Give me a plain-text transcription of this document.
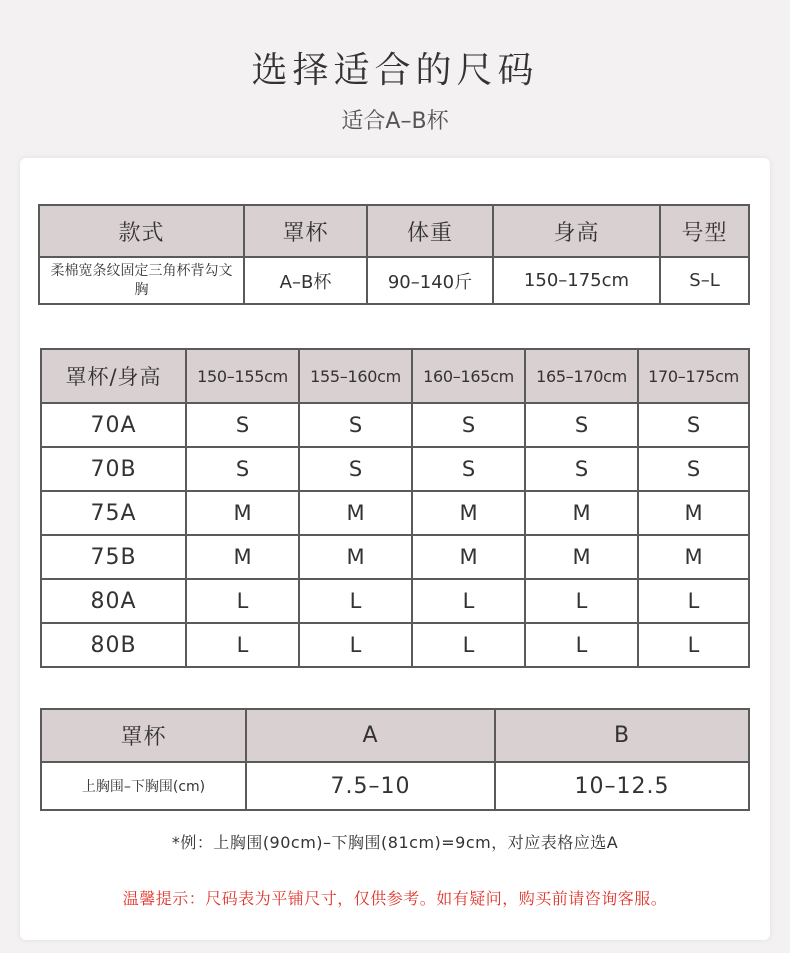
选择适合的尺码
适合A–B杯
款式	罩杯	体重	身高	号型

柔棉宽条纹固定三角杯背勾文胸	A–B杯	90–140斤	150–175cm	S–L
罩杯/身高	150–155cm	155–160cm	160–165cm	165–170cm	170–175cm
70A	S	S	S	S	S
70B	S	S	S	S	S
75A	M	M	M	M	M
75B	M	M	M	M	M
80A	L	L	L	L	L
80B	L	L	L	L	L
罩杯	A	B
上胸围–下胸围(cm)	7.5–10	10–12.5
*例：上胸围(90cm)–下胸围(81cm)=9cm，对应表格应选A
温馨提示：尺码表为平铺尺寸，仅供参考。如有疑问，购买前请咨询客服。
